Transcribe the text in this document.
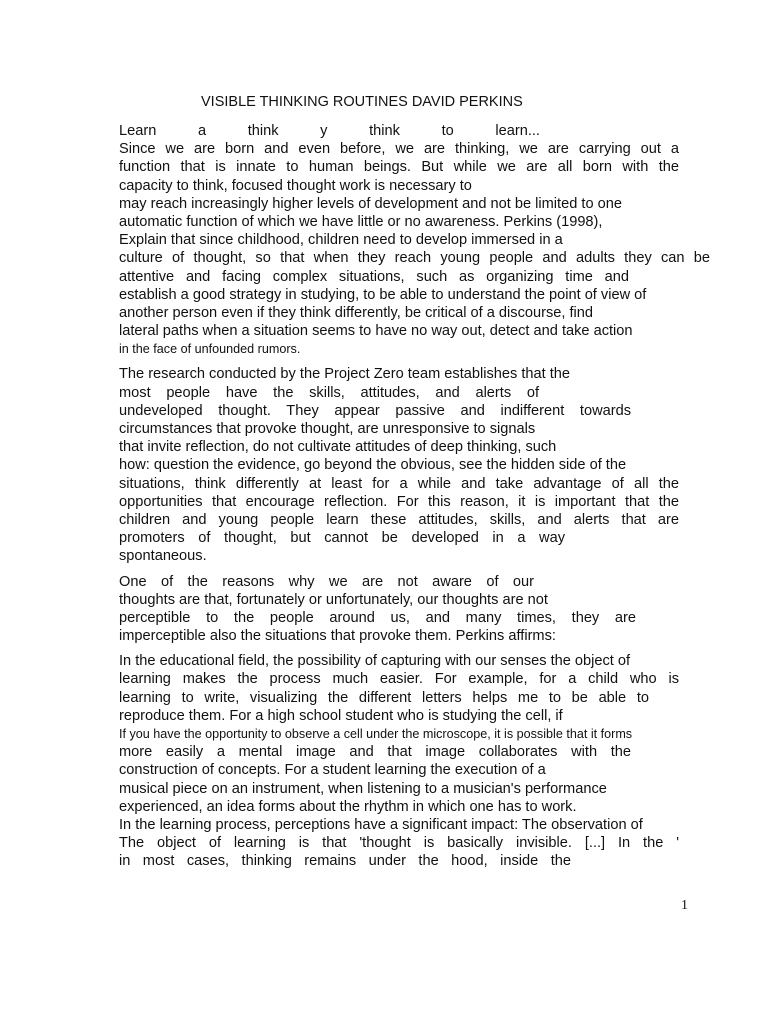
VISIBLE THINKING ROUTINES DAVID PERKINS
Learn a think y think to learn...
Since we are born and even before, we are thinking, we are carrying out a
function that is innate to human beings. But while we are all born with the
capacity to think, focused thought work is necessary to
may reach increasingly higher levels of development and not be limited to one
automatic function of which we have little or no awareness. Perkins (1998),
Explain that since childhood, children need to develop immersed in a
culture of thought, so that when they reach young people and adults they can be
attentive and facing complex situations, such as organizing time and
establish a good strategy in studying, to be able to understand the point of view of
another person even if they think differently, be critical of a discourse, find
lateral paths when a situation seems to have no way out, detect and take action
in the face of unfounded rumors.
The research conducted by the Project Zero team establishes that the
most people have the skills, attitudes, and alerts of
undeveloped thought. They appear passive and indifferent towards
circumstances that provoke thought, are unresponsive to signals
that invite reflection, do not cultivate attitudes of deep thinking, such
how: question the evidence, go beyond the obvious, see the hidden side of the
situations, think differently at least for a while and take advantage of all the
opportunities that encourage reflection. For this reason, it is important that the
children and young people learn these attitudes, skills, and alerts that are
promoters of thought, but cannot be developed in a way
spontaneous.
One of the reasons why we are not aware of our
thoughts are that, fortunately or unfortunately, our thoughts are not
perceptible to the people around us, and many times, they are
imperceptible also the situations that provoke them. Perkins affirms:
In the educational field, the possibility of capturing with our senses the object of
learning makes the process much easier. For example, for a child who is
learning to write, visualizing the different letters helps me to be able to
reproduce them. For a high school student who is studying the cell, if
If you have the opportunity to observe a cell under the microscope, it is possible that it forms
more easily a mental image and that image collaborates with the
construction of concepts. For a student learning the execution of a
musical piece on an instrument, when listening to a musician's performance
experienced, an idea forms about the rhythm in which one has to work.
In the learning process, perceptions have a significant impact: The observation of
The object of learning is that 'thought is basically invisible. [...] In the '
in most cases, thinking remains under the hood, inside the
1
